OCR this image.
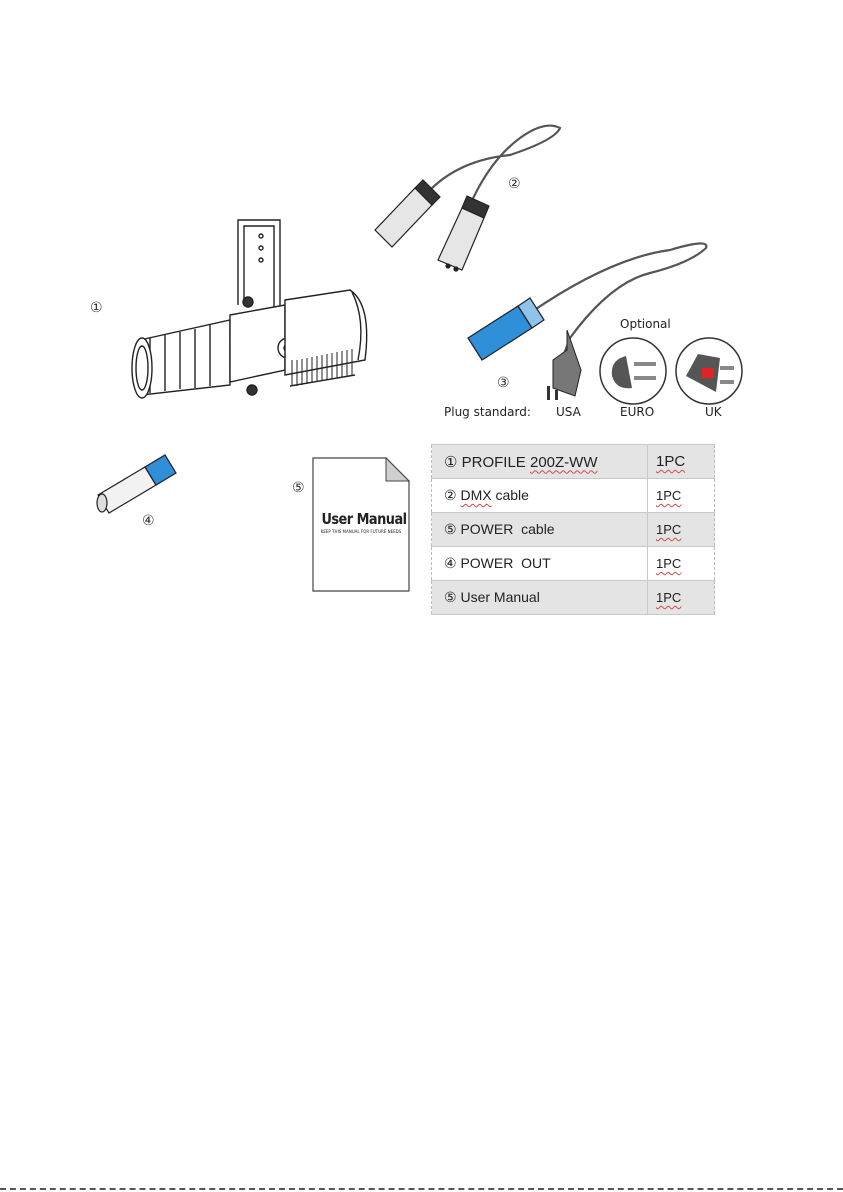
①
②
③
Optional
Plug standard: USA	EURO	UK
④
⑤
User Manual
KEEP THIS MANUAL FOR FUTURE NEEDS
① PROFILE 200Z-WW	1PC
② DMX cable	1PC
⑤ POWER  cable	1PC
④ POWER  OUT	1PC
⑤ User Manual	1PC
